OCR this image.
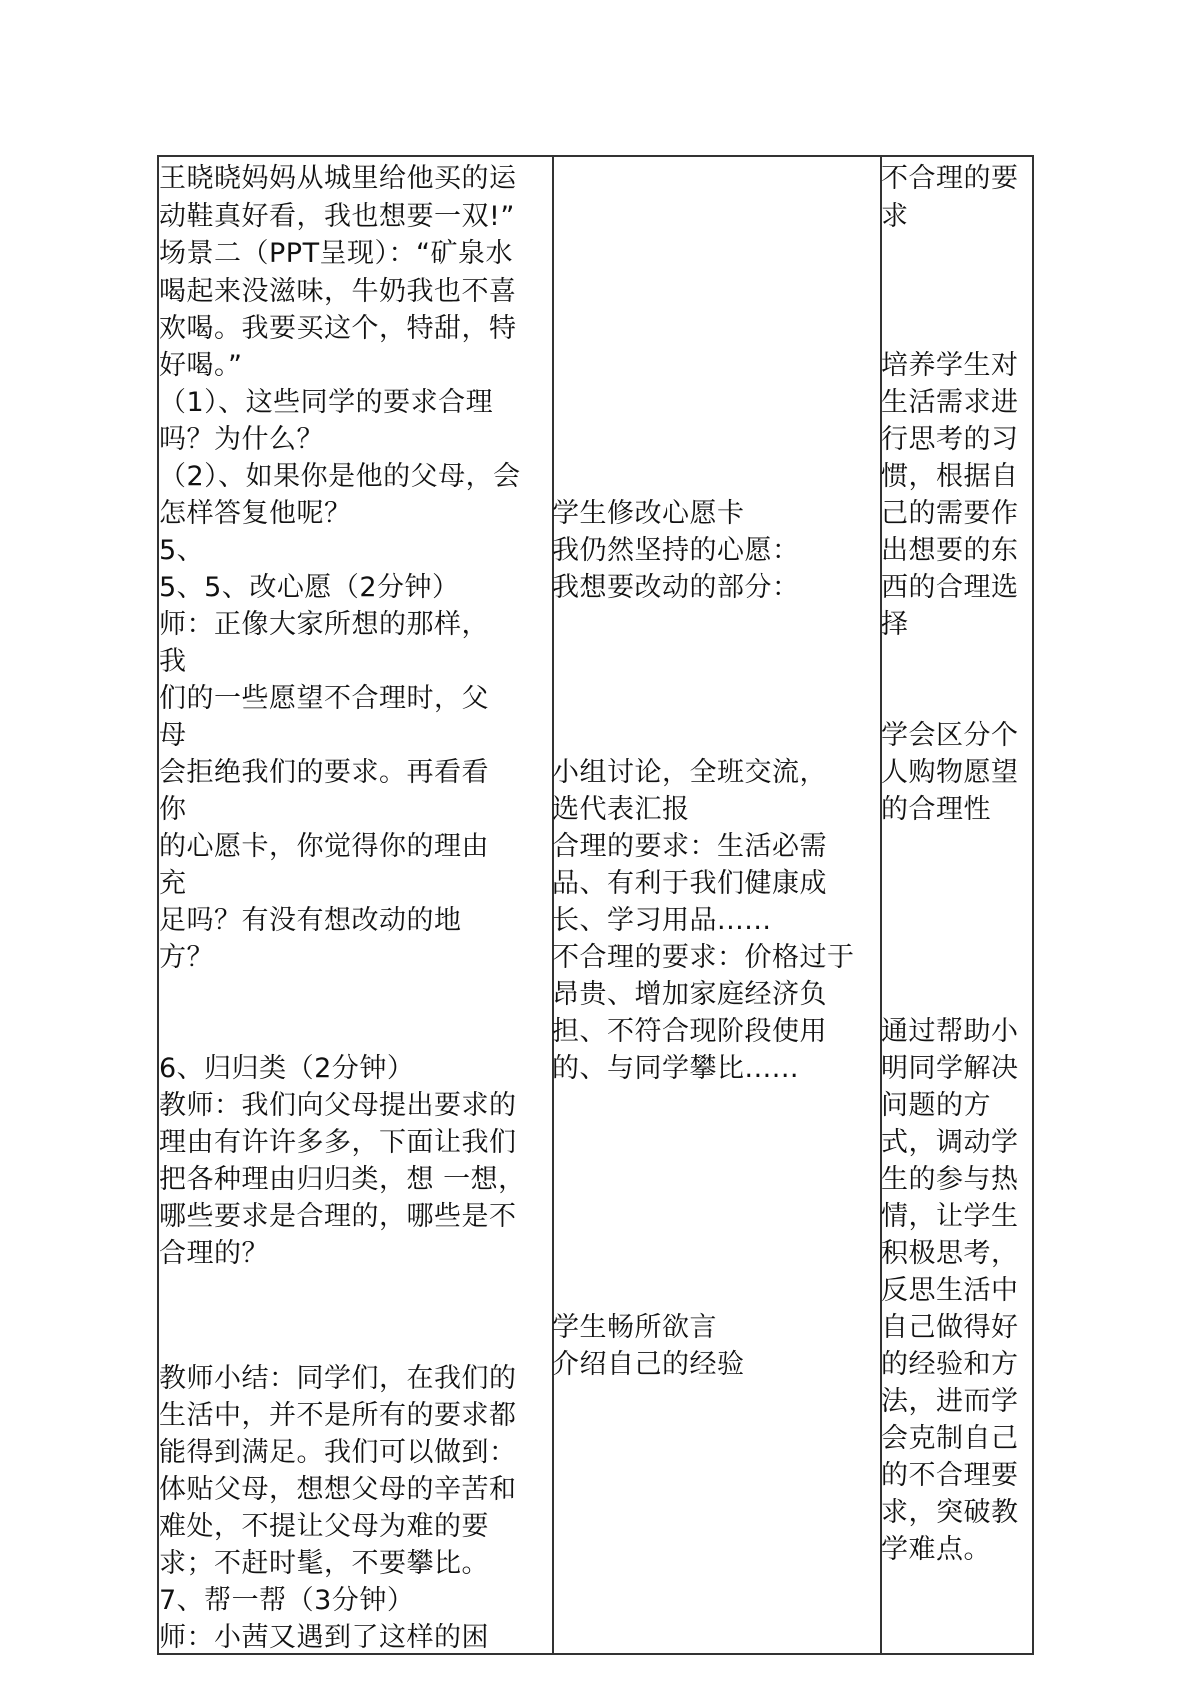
王晓晓妈妈从城里给他买的运
动鞋真好看，我也想要一双!”
场景二（PPT呈现）：“矿泉水
喝起来没滋味，牛奶我也不喜
欢喝。我要买这个，特甜，特
好喝。”
（1）、这些同学的要求合理
吗？为什么？
（2）、如果你是他的父母，会
怎样答复他呢？
5、
5、5、改心愿（2分钟）
师：正像大家所想的那样，
我
们的一些愿望不合理时，父
母
会拒绝我们的要求。再看看
你
的心愿卡，你觉得你的理由
充
足吗？有没有想改动的地
方？
6、归归类（2分钟）
教师：我们向父母提出要求的
理由有许许多多，下面让我们
把各种理由归归类，想 一想，
哪些要求是合理的，哪些是不
合理的？
教师小结：同学们，在我们的
生活中，并不是所有的要求都
能得到满足。我们可以做到：
体贴父母，想想父母的辛苦和
难处，不提让父母为难的要
求；不赶时髦，不要攀比。
7、帮一帮（3分钟）
师：小茜又遇到了这样的困
学生修改心愿卡
我仍然坚持的心愿：
我想要改动的部分：
小组讨论，全班交流，
选代表汇报
合理的要求：生活必需
品、有利于我们健康成
长、学习用品......
不合理的要求：价格过于
昂贵、增加家庭经济负
担、不符合现阶段使用
的、与同学攀比......
学生畅所欲言
介绍自己的经验
不合理的要
求
培养学生对
生活需求进
行思考的习
惯，根据自
己的需要作
出想要的东
西的合理选
择
学会区分个
人购物愿望
的合理性
通过帮助小
明同学解决
问题的方
式，调动学
生的参与热
情，让学生
积极思考，
反思生活中
自己做得好
的经验和方
法，进而学
会克制自己
的不合理要
求，突破教
学难点。
